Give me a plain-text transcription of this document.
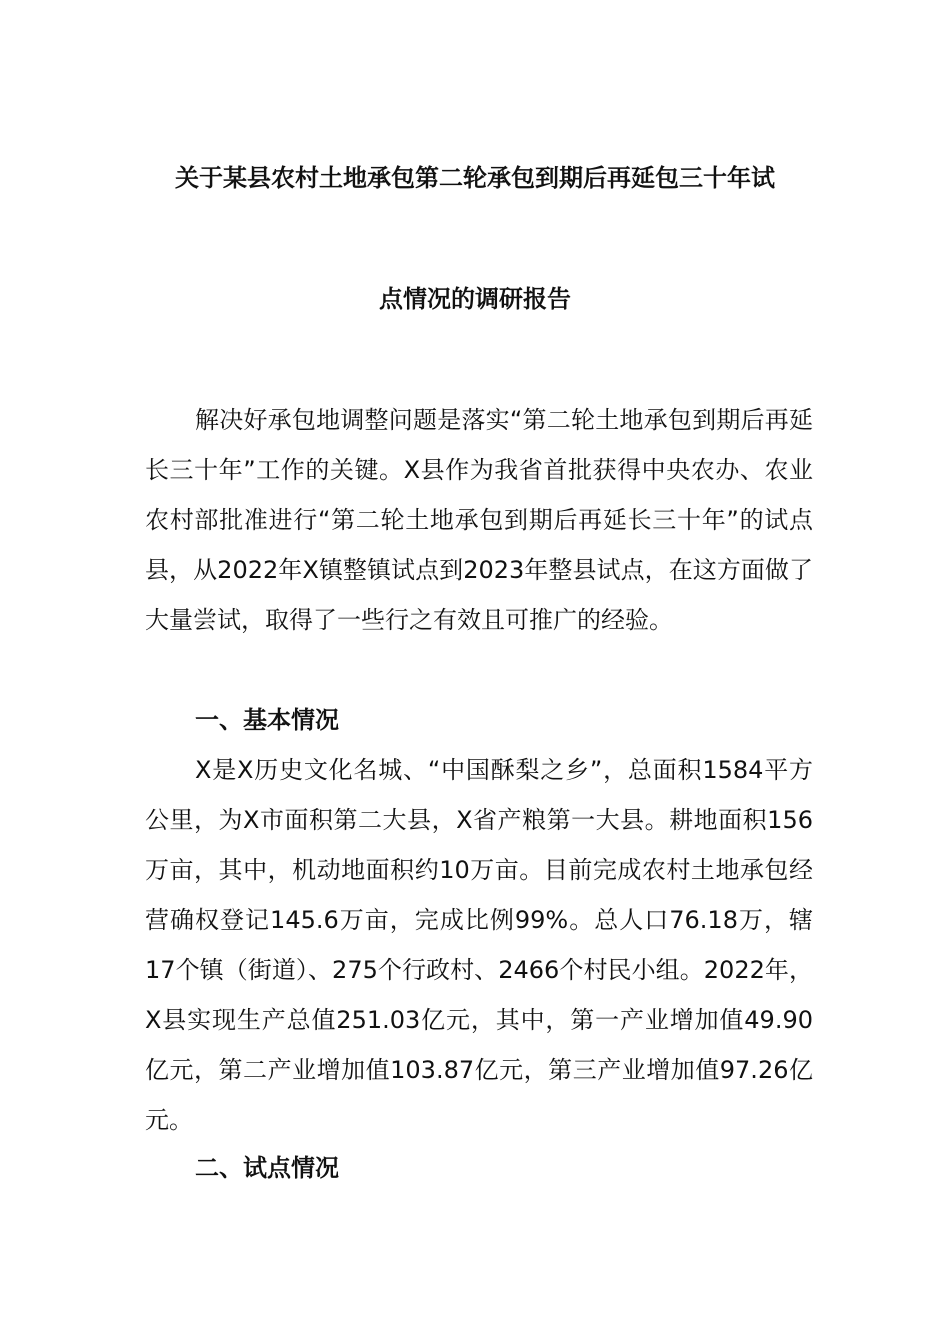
关于某县农村土地承包第二轮承包到期后再延包三十年试
点情况的调研报告

解决好承包地调整问题是落实“第二轮土地承包到期后再延长三十年”工作的关键。X县作为我省首批获得中央农办、农业农村部批准进行“第二轮土地承包到期后再延长三十年”的试点县，从2022年X镇整镇试点到2023年整县试点，在这方面做了大量尝试，取得了一些行之有效且可推广的经验。

一、基本情况

X是X历史文化名城、“中国酥梨之乡”，总面积1584平方公里，为X市面积第二大县，X省产粮第一大县。耕地面积156万亩，其中，机动地面积约10万亩。目前完成农村土地承包经营确权登记145.6万亩，完成比例99%。总人口76.18万，辖17个镇（街道）、275个行政村、2466个村民小组。2022年，X县实现生产总值251.03亿元，其中，第一产业增加值49.90亿元，第二产业增加值103.87亿元，第三产业增加值97.26亿元。

二、试点情况
